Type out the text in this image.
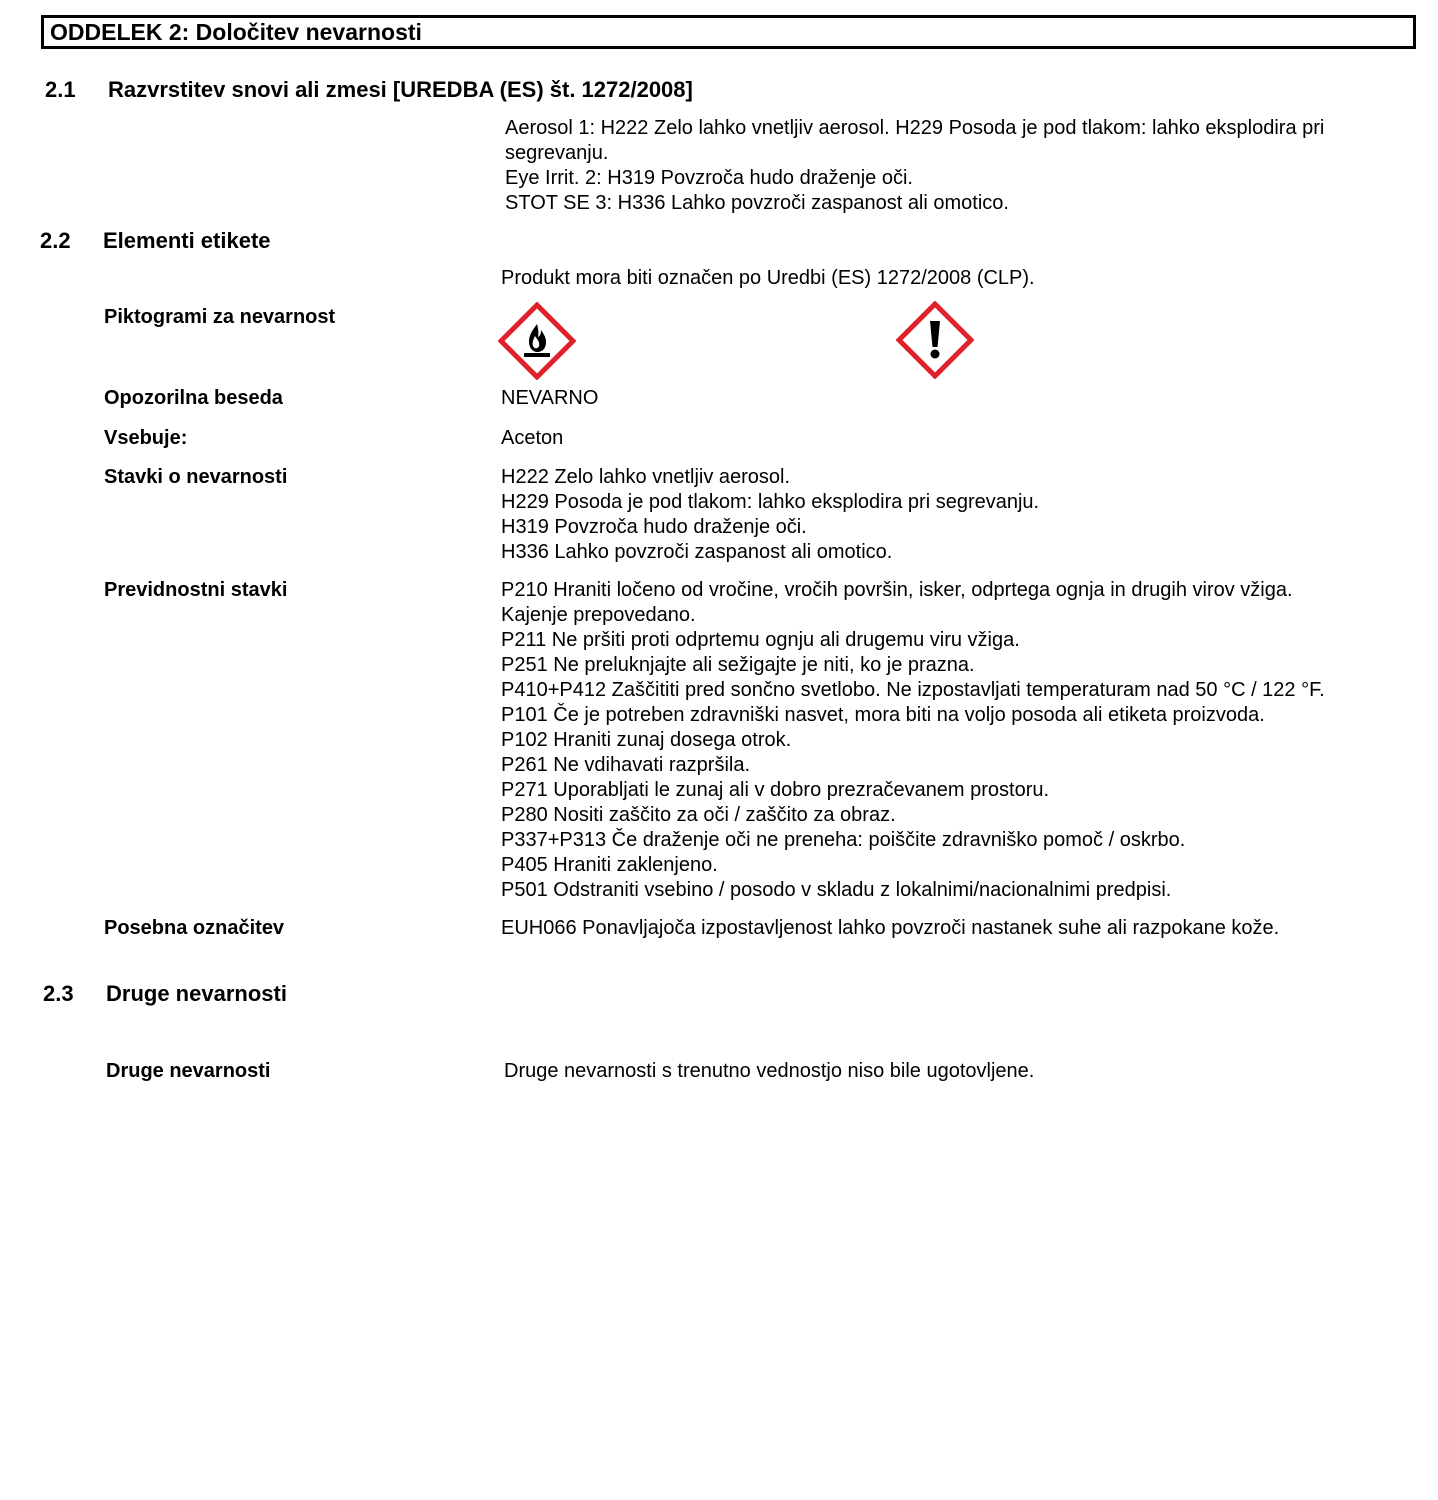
ODDELEK 2: Določitev nevarnosti
2.1 Razvrstitev snovi ali zmesi [UREDBA (ES) št. 1272/2008]
Aerosol 1: H222 Zelo lahko vnetljiv aerosol. H229 Posoda je pod tlakom: lahko eksplodira pri
segrevanju.
Eye Irrit. 2: H319 Povzroča hudo draženje oči.
STOT SE 3: H336 Lahko povzroči zaspanost ali omotico.
2.2 Elementi etikete
Produkt mora biti označen po Uredbi (ES) 1272/2008 (CLP).
Piktogrami za nevarnost
Opozorilna beseda	NEVARNO
Vsebuje:	Aceton
Stavki o nevarnosti	H222 Zelo lahko vnetljiv aerosol.
H229 Posoda je pod tlakom: lahko eksplodira pri segrevanju.
H319 Povzroča hudo draženje oči.
H336 Lahko povzroči zaspanost ali omotico.
Previdnostni stavki	P210 Hraniti ločeno od vročine, vročih površin, isker, odprtega ognja in drugih virov vžiga.
Kajenje prepovedano.
P211 Ne pršiti proti odprtemu ognju ali drugemu viru vžiga.
P251 Ne preluknjajte ali sežigajte je niti, ko je prazna.
P410+P412 Zaščititi pred sončno svetlobo. Ne izpostavljati temperaturam nad 50 °C / 122 °F.
P101 Če je potreben zdravniški nasvet, mora biti na voljo posoda ali etiketa proizvoda.
P102 Hraniti zunaj dosega otrok.
P261 Ne vdihavati razpršila.
P271 Uporabljati le zunaj ali v dobro prezračevanem prostoru.
P280 Nositi zaščito za oči / zaščito za obraz.
P337+P313 Če draženje oči ne preneha: poiščite zdravniško pomoč / oskrbo.
P405 Hraniti zaklenjeno.
P501 Odstraniti vsebino / posodo v skladu z lokalnimi/nacionalnimi predpisi.
Posebna označitev	EUH066 Ponavljajoča izpostavljenost lahko povzroči nastanek suhe ali razpokane kože.
2.3 Druge nevarnosti
Druge nevarnosti	Druge nevarnosti s trenutno vednostjo niso bile ugotovljene.
